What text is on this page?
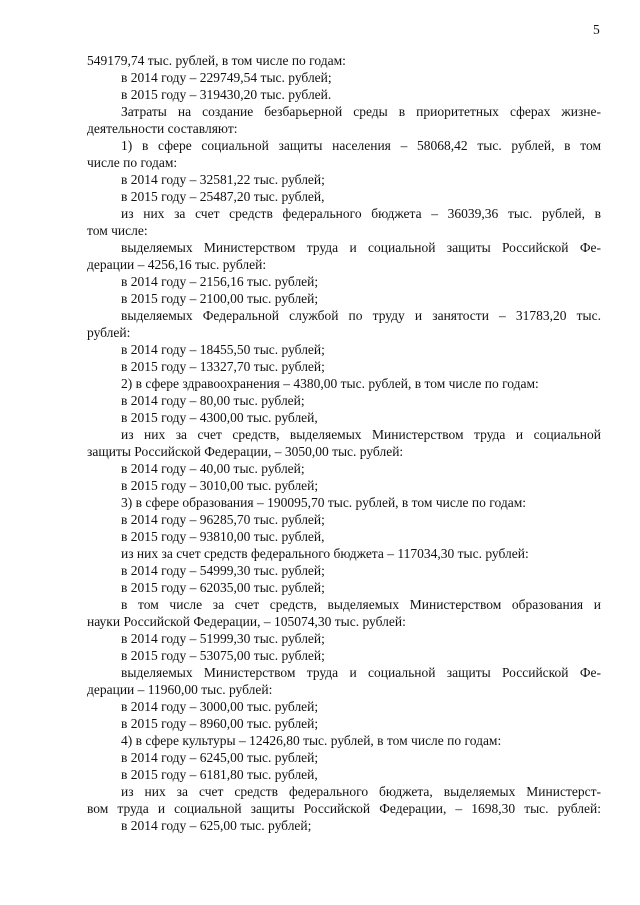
5
549179,74 тыс. рублей, в том числе по годам:
в 2014 году – 229749,54 тыс. рублей;
в 2015 году – 319430,20 тыс. рублей.
Затраты на создание безбарьерной среды в приоритетных сферах жизне-
деятельности составляют:
1) в сфере социальной защиты населения – 58068,42 тыс. рублей, в том
числе по годам:
в 2014 году – 32581,22 тыс. рублей;
в 2015 году – 25487,20 тыс. рублей,
из них за счет средств федерального бюджета – 36039,36 тыс. рублей, в
том числе:
выделяемых Министерством труда и социальной защиты Российской Фе-
дерации – 4256,16 тыс. рублей:
в 2014 году – 2156,16 тыс. рублей;
в 2015 году – 2100,00 тыс. рублей;
выделяемых Федеральной службой по труду и занятости – 31783,20 тыс.
рублей:
в 2014 году – 18455,50 тыс. рублей;
в 2015 году – 13327,70 тыс. рублей;
2) в сфере здравоохранения – 4380,00 тыс. рублей, в том числе по годам:
в 2014 году – 80,00 тыс. рублей;
в 2015 году – 4300,00 тыс. рублей,
из них за счет средств, выделяемых Министерством труда и социальной
защиты Российской Федерации, – 3050,00 тыс. рублей:
в 2014 году – 40,00 тыс. рублей;
в 2015 году – 3010,00 тыс. рублей;
3) в сфере образования – 190095,70 тыс. рублей, в том числе по годам:
в 2014 году – 96285,70 тыс. рублей;
в 2015 году – 93810,00 тыс. рублей,
из них за счет средств федерального бюджета – 117034,30 тыс. рублей:
в 2014 году – 54999,30 тыс. рублей;
в 2015 году – 62035,00 тыс. рублей;
в том числе за счет средств, выделяемых Министерством образования и
науки Российской Федерации, – 105074,30 тыс. рублей:
в 2014 году – 51999,30 тыс. рублей;
в 2015 году – 53075,00 тыс. рублей;
выделяемых Министерством труда и социальной защиты Российской Фе-
дерации – 11960,00 тыс. рублей:
в 2014 году – 3000,00 тыс. рублей;
в 2015 году – 8960,00 тыс. рублей;
4) в сфере культуры – 12426,80 тыс. рублей, в том числе по годам:
в 2014 году – 6245,00 тыс. рублей;
в 2015 году – 6181,80 тыс. рублей,
из них за счет средств федерального бюджета, выделяемых Министерст-
вом труда и социальной защиты Российской Федерации, – 1698,30 тыс. рублей:
в 2014 году – 625,00 тыс. рублей;
